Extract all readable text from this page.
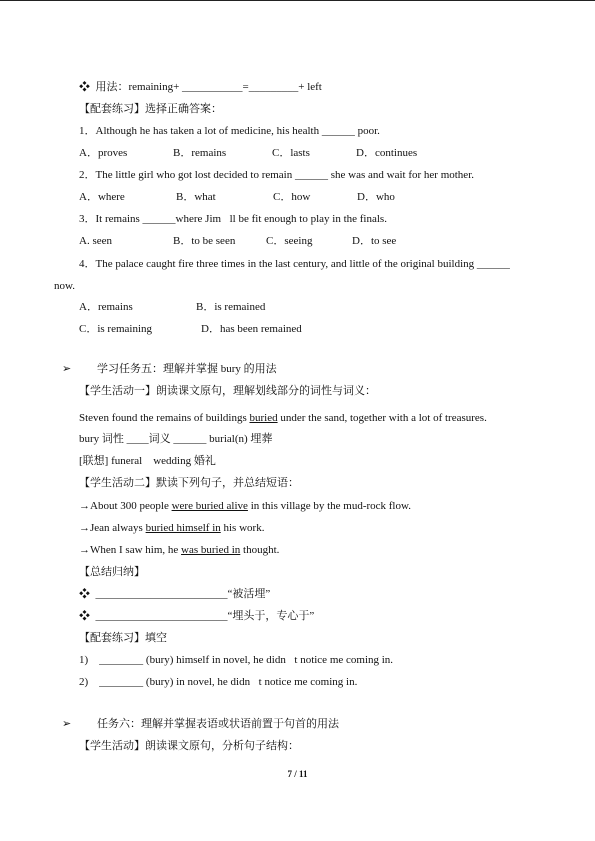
❖ 用法：remaining+ ___________=_________+ left
【配套练习】选择正确答案：
1．Although he has taken a lot of medicine, his health ______ poor.
A．proves	B．remains	C．lasts	D．continues
2．The little girl who got lost decided to remain ______ she was and wait for her mother.
A．where	B．what	C．how	D．who
3．It remains ______where Jim ll be fit enough to play in the finals.
A. seen	B．to be seen	C．seeing	D．to see
4．The palace caught fire three times in the last century, and little of the original building ______
now.
A．remains	B．is remained
C．is remaining	D．has been remained
➢ 学习任务五：理解并掌握 bury 的用法
【学生活动一】朗读课文原句，理解划线部分的词性与词义：
Steven found the remains of buildings buried under the sand, together with a lot of treasures.
bury 词性 ____词义 ______ burial(n) 埋葬
[联想] funeral    wedding 婚礼
【学生活动二】默读下列句子，并总结短语：
→About 300 people were buried alive in this village by the mud-rock flow.
→Jean always buried himself in his work.
→When I saw him, he was buried in thought.
【总结归纳】
❖  ________________________“被活埋”
❖  ________________________“埋头于，专心于”
【配套练习】填空
1)    ________ (bury) himself in novel, he didn t notice me coming in.
2)    ________ (bury) in novel, he didn t notice me coming in.
➢ 任务六：理解并掌握表语或状语前置于句首的用法
【学生活动】朗读课文原句，分析句子结构：
7 / 11
